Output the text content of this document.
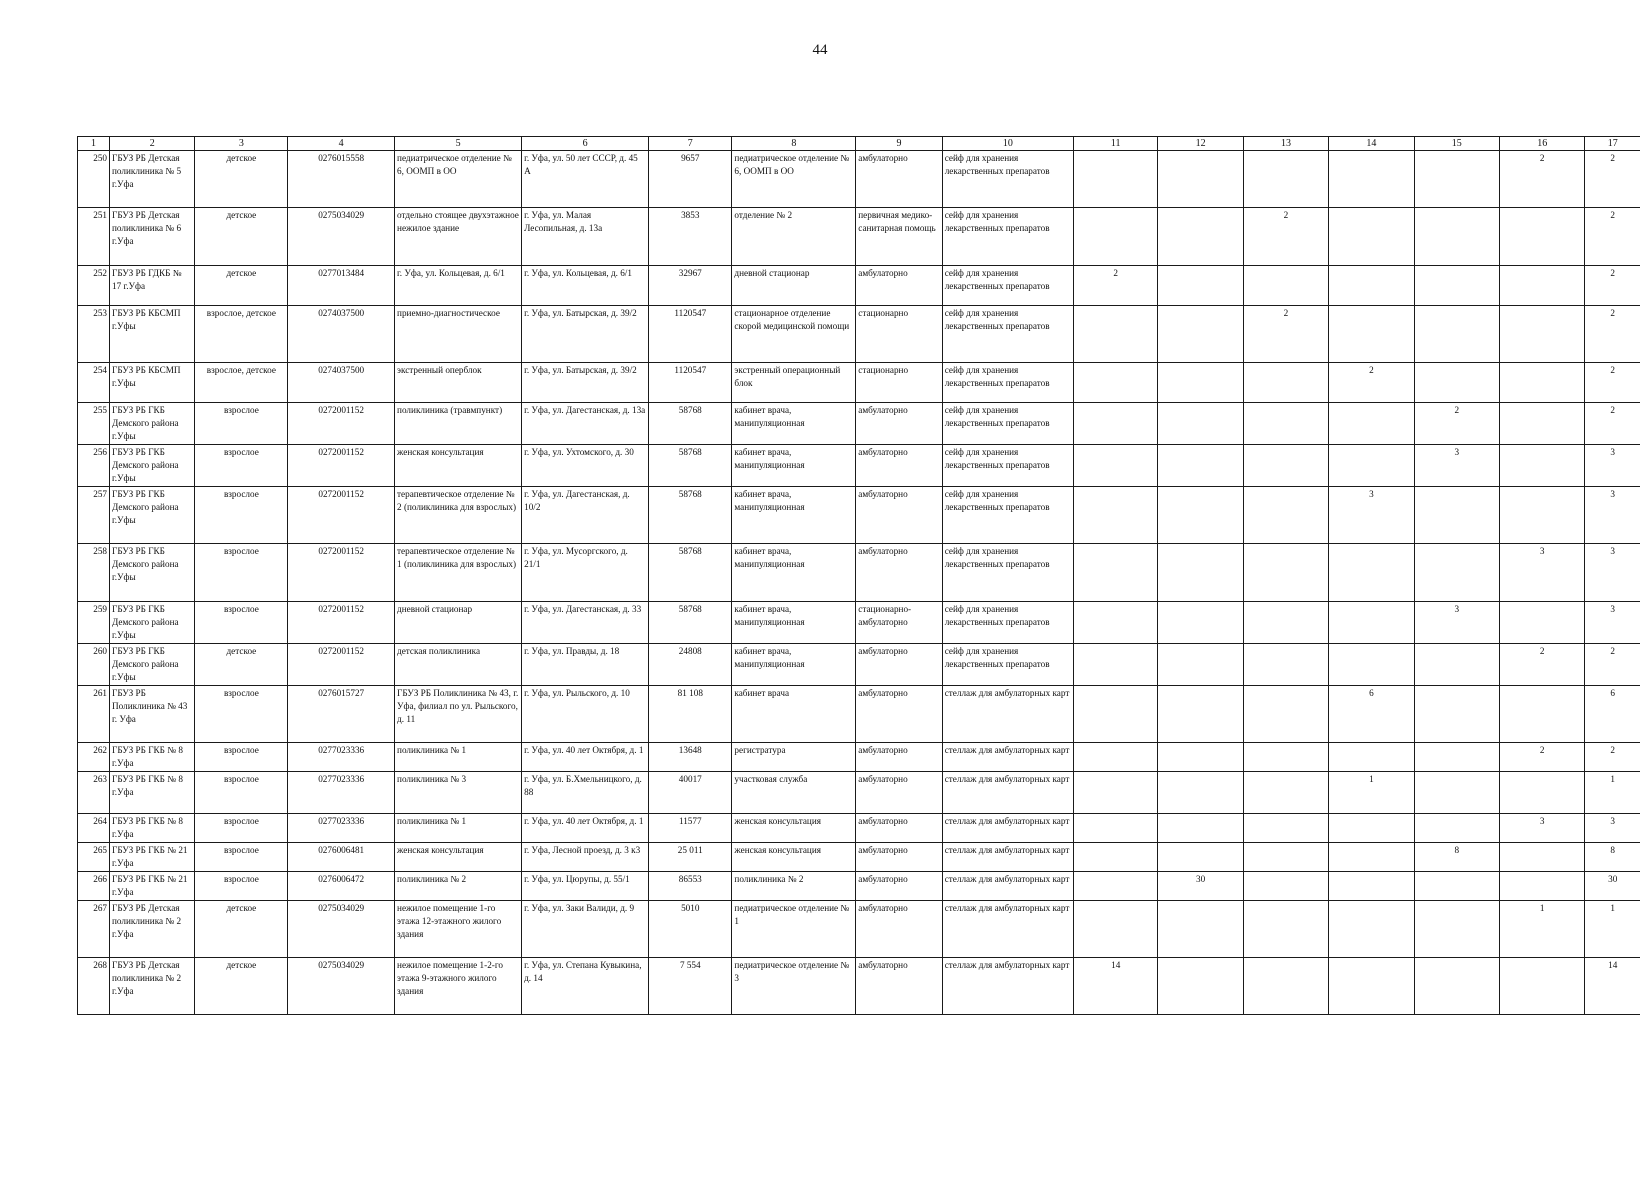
44
1	2	3	4	5	6	7	8	9	10	11	12	13	14	15	16	17
250	ГБУЗ РБ Детская поликлиника № 5 г.Уфа	детское	0276015558	педиатрическое отделение № 6, ООМП в ОО	г. Уфа, ул. 50 лет СССР, д. 45 А	9657	педиатрическое отделение № 6, ООМП в ОО	амбулаторно	сейф для хранения лекарственных препаратов						2	2
251	ГБУЗ РБ Детская поликлиника № 6 г.Уфа	детское	0275034029	отдельно стоящее двухэтажное нежилое здание	г. Уфа, ул. Малая Лесопильная, д. 13а	3853	отделение № 2	первичная медико-санитарная помощь	сейф для хранения лекарственных препаратов			2				2
252	ГБУЗ РБ ГДКБ № 17 г.Уфа	детское	0277013484	г. Уфа, ул. Кольцевая, д. 6/1	г. Уфа, ул. Кольцевая, д. 6/1	32967	дневной стационар	амбулаторно	сейф для хранения лекарственных препаратов	2						2
253	ГБУЗ РБ КБСМП г.Уфы	взрослое, детское	0274037500	приемно-диагностическое	г. Уфа, ул. Батырская, д. 39/2	1120547	стационарное отделение скорой медицинской помощи	стационарно	сейф для хранения лекарственных препаратов			2				2
254	ГБУЗ РБ КБСМП г.Уфы	взрослое, детское	0274037500	экстренный оперблок	г. Уфа, ул. Батырская, д. 39/2	1120547	экстренный операционный блок	стационарно	сейф для хранения лекарственных препаратов				2			2
255	ГБУЗ РБ ГКБ Демского района г.Уфы	взрослое	0272001152	поликлиника (травмпункт)	г. Уфа, ул. Дагестанская, д. 13а	58768	кабинет врача, манипуляционная	амбулаторно	сейф для хранения лекарственных препаратов					2		2
256	ГБУЗ РБ ГКБ Демского района г.Уфы	взрослое	0272001152	женская консультация	г. Уфа, ул. Ухтомского, д. 30	58768	кабинет врача, манипуляционная	амбулаторно	сейф для хранения лекарственных препаратов					3		3
257	ГБУЗ РБ ГКБ Демского района г.Уфы	взрослое	0272001152	терапевтическое отделение № 2 (поликлиника для взрослых)	г. Уфа, ул. Дагестанская, д. 10/2	58768	кабинет врача, манипуляционная	амбулаторно	сейф для хранения лекарственных препаратов				3			3
258	ГБУЗ РБ ГКБ Демского района г.Уфы	взрослое	0272001152	терапевтическое отделение № 1 (поликлиника для взрослых)	г. Уфа, ул. Мусоргского, д. 21/1	58768	кабинет врача, манипуляционная	амбулаторно	сейф для хранения лекарственных препаратов						3	3
259	ГБУЗ РБ ГКБ Демского района г.Уфы	взрослое	0272001152	дневной стационар	г. Уфа, ул. Дагестанская, д. 33	58768	кабинет врача, манипуляционная	стационарно-амбулаторно	сейф для хранения лекарственных препаратов					3		3
260	ГБУЗ РБ ГКБ Демского района г.Уфы	детское	0272001152	детская поликлиника	г. Уфа, ул. Правды, д. 18	24808	кабинет врача, манипуляционная	амбулаторно	сейф для хранения лекарственных препаратов						2	2
261	ГБУЗ РБ Поликлиника № 43 г. Уфа	взрослое	0276015727	ГБУЗ РБ Поликлиника № 43, г. Уфа, филиал по ул. Рыльского, д. 11	г. Уфа, ул. Рыльского, д. 10	81 108	кабинет врача	амбулаторно	стеллаж для амбулаторных карт				6			6
262	ГБУЗ РБ ГКБ № 8 г.Уфа	взрослое	0277023336	поликлиника № 1	г. Уфа, ул. 40 лет Октября, д. 1	13648	регистратура	амбулаторно	стеллаж для амбулаторных карт						2	2
263	ГБУЗ РБ ГКБ № 8 г.Уфа	взрослое	0277023336	поликлиника № 3	г. Уфа, ул. Б.Хмельницкого, д. 88	40017	участковая служба	амбулаторно	стеллаж для амбулаторных карт				1			1
264	ГБУЗ РБ ГКБ № 8 г.Уфа	взрослое	0277023336	поликлиника № 1	г. Уфа, ул. 40 лет Октября, д. 1	11577	женская консультация	амбулаторно	стеллаж для амбулаторных карт						3	3
265	ГБУЗ РБ ГКБ № 21 г.Уфа	взрослое	0276006481	женская консультация	г. Уфа, Лесной проезд, д. 3 к3	25 011	женская консультация	амбулаторно	стеллаж для амбулаторных карт					8		8
266	ГБУЗ РБ ГКБ № 21 г.Уфа	взрослое	0276006472	поликлиника № 2	г. Уфа, ул. Цюрупы, д. 55/1	86553	поликлиника № 2	амбулаторно	стеллаж для амбулаторных карт		30					30
267	ГБУЗ РБ Детская поликлиника № 2 г.Уфа	детское	0275034029	нежилое помещение 1-го этажа 12-этажного жилого здания	г. Уфа, ул. Заки Валиди, д. 9	5010	педиатрическое отделение № 1	амбулаторно	стеллаж для амбулаторных карт						1	1
268	ГБУЗ РБ Детская поликлиника № 2 г.Уфа	детское	0275034029	нежилое помещение 1-2-го этажа 9-этажного жилого здания	г. Уфа, ул. Степана Кувыкина, д. 14	7 554	педиатрическое отделение № 3	амбулаторно	стеллаж для амбулаторных карт	14						14
